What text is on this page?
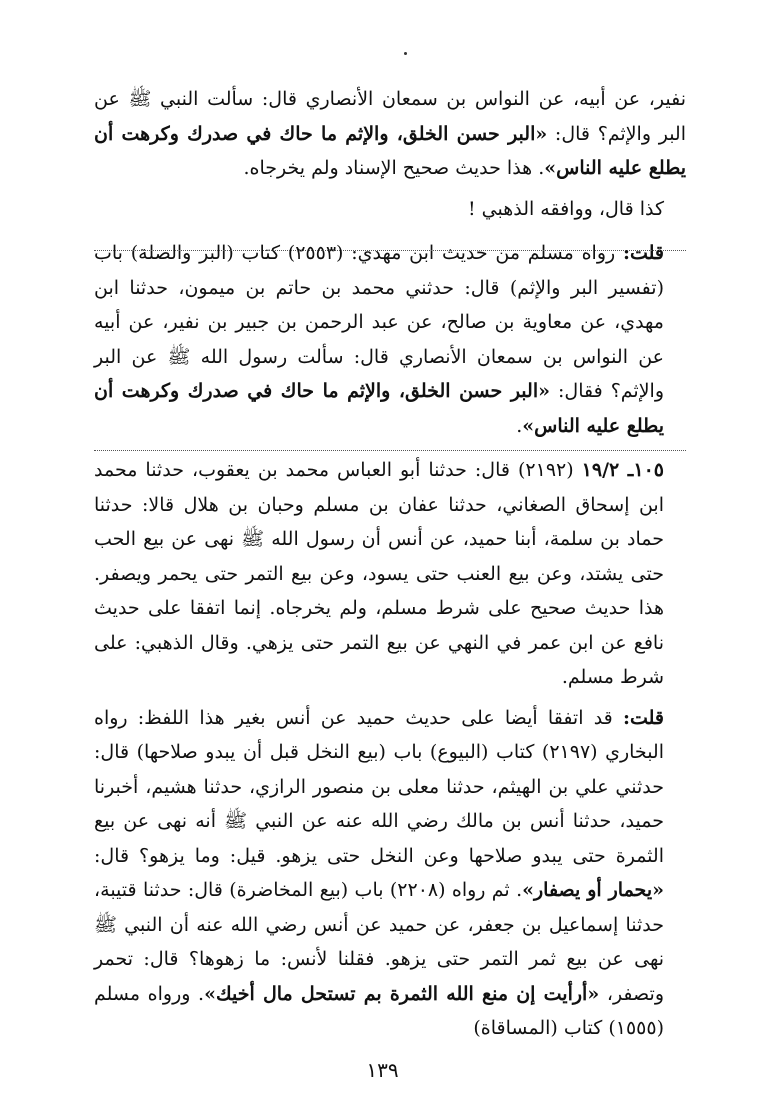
نفير، عن أبيه، عن النواس بن سمعان الأنصاري قال: سألت النبي ﷺ عن البر والإثم؟ قال: «البر حسن الخلق، والإثم ما حاك في صدرك وكرهت أن يطلع عليه الناس». هذا حديث صحيح الإسناد ولم يخرجاه.

كذا قال، ووافقه الذهبي !

قلت: رواه مسلم من حديث ابن مهدي: (٢٥٥٣) كتاب (البر والصلة) باب (تفسير البر والإثم) قال: حدثني محمد بن حاتم بن ميمون، حدثنا ابن مهدي، عن معاوية بن صالح، عن عبد الرحمن بن جبير بن نفير، عن أبيه عن النواس بن سمعان الأنصاري قال: سألت رسول الله ﷺ عن البر والإثم؟ فقال: «البر حسن الخلق، والإثم ما حاك في صدرك وكرهت أن يطلع عليه الناس».

١٠٥ـ ١٩/٢ (٢١٩٢) قال: حدثنا أبو العباس محمد بن يعقوب، حدثنا محمد ابن إسحاق الصغاني، حدثنا عفان بن مسلم وحبان بن هلال قالا: حدثنا حماد بن سلمة، أبنا حميد، عن أنس أن رسول الله ﷺ نهى عن بيع الحب حتى يشتد، وعن بيع العنب حتى يسود، وعن بيع التمر حتى يحمر ويصفر. هذا حديث صحيح على شرط مسلم، ولم يخرجاه. إنما اتفقا على حديث نافع عن ابن عمر في النهي عن بيع التمر حتى يزهي. وقال الذهبي: على شرط مسلم.

قلت: قد اتفقا أيضا على حديث حميد عن أنس بغير هذا اللفظ: رواه البخاري (٢١٩٧) كتاب (البيوع) باب (بيع النخل قبل أن يبدو صلاحها) قال: حدثني علي بن الهيثم، حدثنا معلى بن منصور الرازي، حدثنا هشيم، أخبرنا حميد، حدثنا أنس بن مالك رضي الله عنه عن النبي ﷺ أنه نهى عن بيع الثمرة حتى يبدو صلاحها وعن النخل حتى يزهو. قيل: وما يزهو؟ قال: «يحمار أو يصفار». ثم رواه (٢٢٠٨) باب (بيع المخاضرة) قال: حدثنا قتيبة، حدثنا إسماعيل بن جعفر، عن حميد عن أنس رضي الله عنه أن النبي ﷺ نهى عن بيع ثمر التمر حتى يزهو. فقلنا لأنس: ما زهوها؟ قال: تحمر وتصفر، «أرأيت إن منع الله الثمرة بم تستحل مال أخيك». ورواه مسلم (١٥٥٥) كتاب (المساقاة)

١٣٩
